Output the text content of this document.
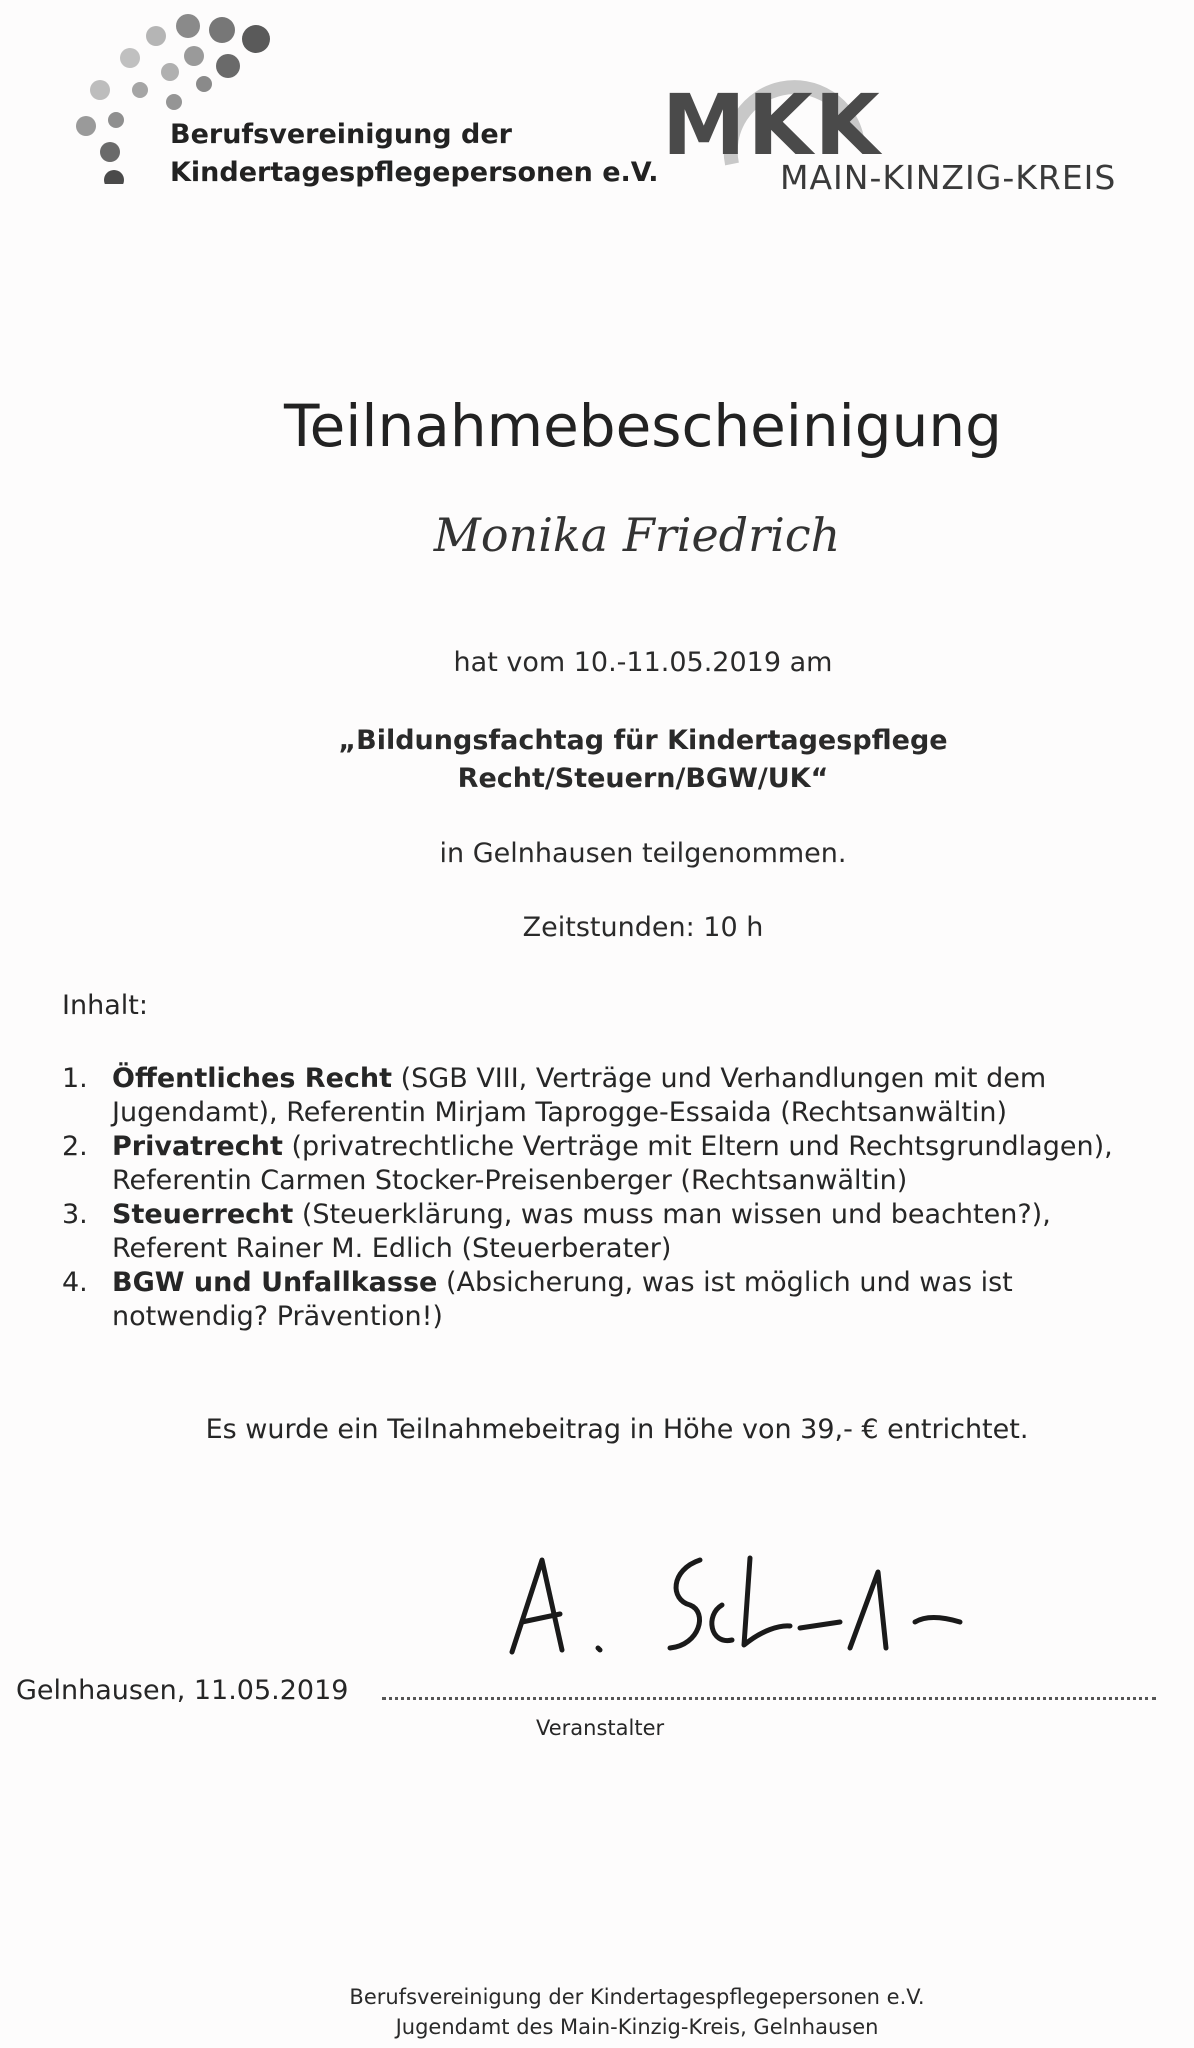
Berufsvereinigung der
Kindertagespflegepersonen e.V. MKK
MAIN-KINZIG-KREIS
Teilnahmebescheinigung
Monika Friedrich
hat vom 10.-11.05.2019 am
„Bildungsfachtag für Kindertagespflege
Recht/Steuern/BGW/UK“
in Gelnhausen teilgenommen.
Zeitstunden: 10 h
Inhalt:
1. Öffentliches Recht (SGB VIII, Verträge und Verhandlungen mit dem Jugendamt), Referentin Mirjam Taprogge-Essaida (Rechtsanwältin)
2. Privatrecht (privatrechtliche Verträge mit Eltern und Rechtsgrundlagen), Referentin Carmen Stocker-Preisenberger (Rechtsanwältin)
3. Steuerrecht (Steuerklärung, was muss man wissen und beachten?), Referent Rainer M. Edlich (Steuerberater)
4. BGW und Unfallkasse (Absicherung, was ist möglich und was ist notwendig? Prävention!)
Es wurde ein Teilnahmebeitrag in Höhe von 39,- € entrichtet.
Gelnhausen, 11.05.2019
Veranstalter
Berufsvereinigung der Kindertagespflegepersonen e.V.
Jugendamt des Main-Kinzig-Kreis, Gelnhausen
